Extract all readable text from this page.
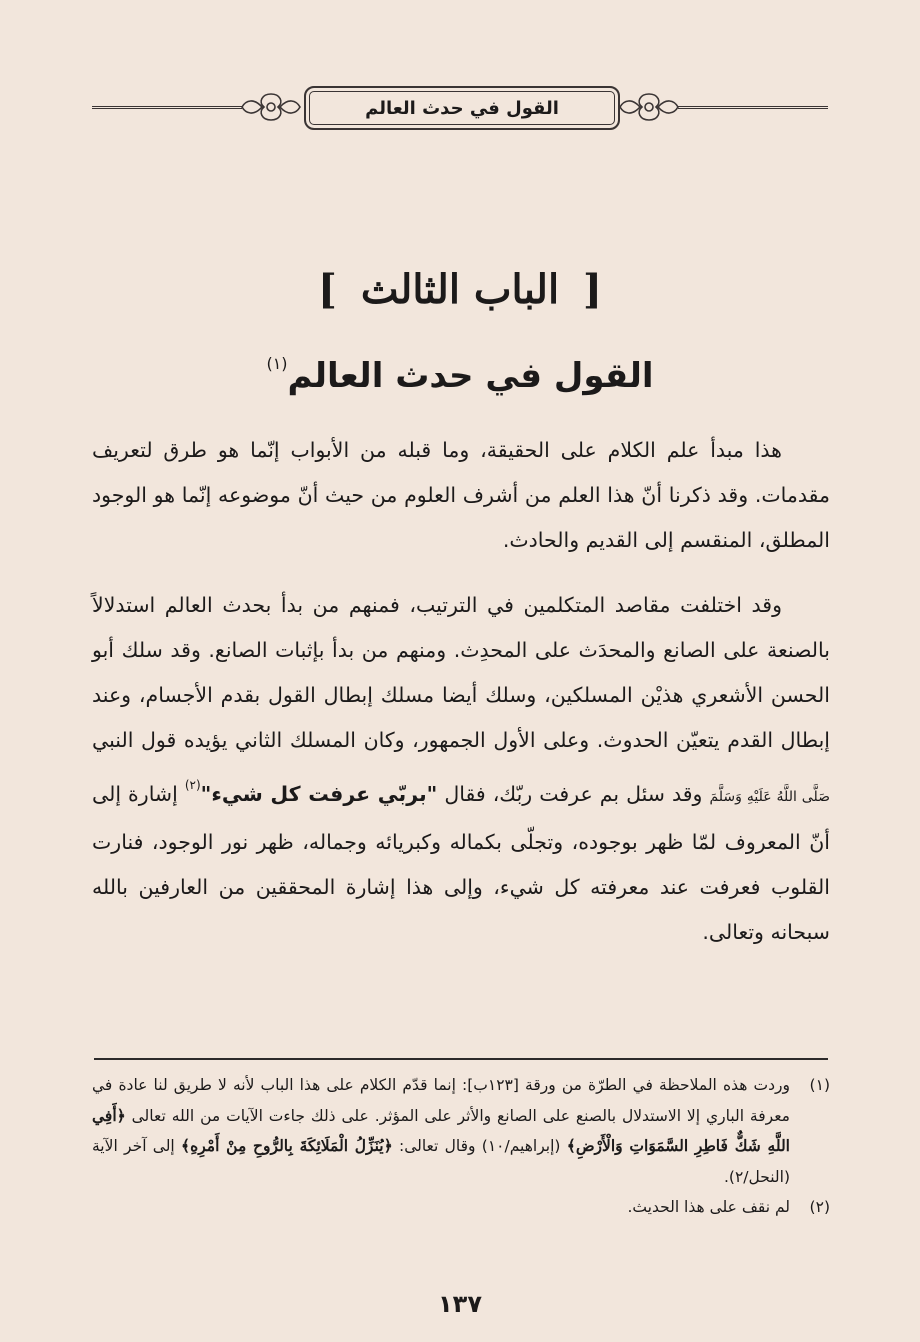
القول في حدث العالم
[ الباب الثالث ]
القول في حدث العالم$^{(١)}$

هذا مبدأ علم الكلام على الحقيقة، وما قبله من الأبواب إنّما هو طرق لتعريف مقدمات. وقد ذكرنا أنّ هذا العلم من أشرف العلوم من حيث أنّ موضوعه إنّما هو الوجود المطلق، المنقسم إلى القديم والحادث.

وقد اختلفت مقاصد المتكلمين في الترتيب، فمنهم من بدأ بحدث العالم استدلالاً بالصنعة على الصانع والمحدَث على المحدِث. ومنهم من بدأ بإثبات الصانع. وقد سلك أبو الحسن الأشعري هذيْن المسلكين، وسلك أيضا مسلك إبطال القول بقدم الأجسام، وعند إبطال القدم يتعيّن الحدوث. وعلى الأول الجمهور، وكان المسلك الثاني يؤيده قول النبي صَلَّى اللَّهُ عَلَيْهِ وَسَلَّمَ وقد سئل بم عرفت ربّك، فقال "بربّي عرفت كل شيء"$^{(٢)}$ إشارة إلى أنّ المعروف لمّا ظهر بوجوده، وتجلّى بكماله وكبريائه وجماله، ظهر نور الوجود، فنارت القلوب فعرفت عند معرفته كل شيء، وإلى هذا إشارة المحققين من العارفين بالله سبحانه وتعالى.

(١)
وردت هذه الملاحظة في الطرّة من ورقة [١٢٣ب]: إنما قدّم الكلام على هذا الباب لأنه لا طريق لنا عادة في معرفة الباري إلا الاستدلال بالصنع على الصانع والأثر على المؤثر. على ذلك جاءت الآيات من الله تعالى ﴿أَفِي اللَّهِ شَكٌّ فَاطِرِ السَّمَوَاتِ وَالْأَرْضِ﴾ (إبراهيم/١٠) وقال تعالى: ﴿يُنَزِّلُ الْمَلَائِكَةَ بِالرُّوحِ مِنْ أَمْرِهِ﴾ إلى آخر الآية (النحل/٢).
(٢)
لم نقف على هذا الحديث.
١٣٧
